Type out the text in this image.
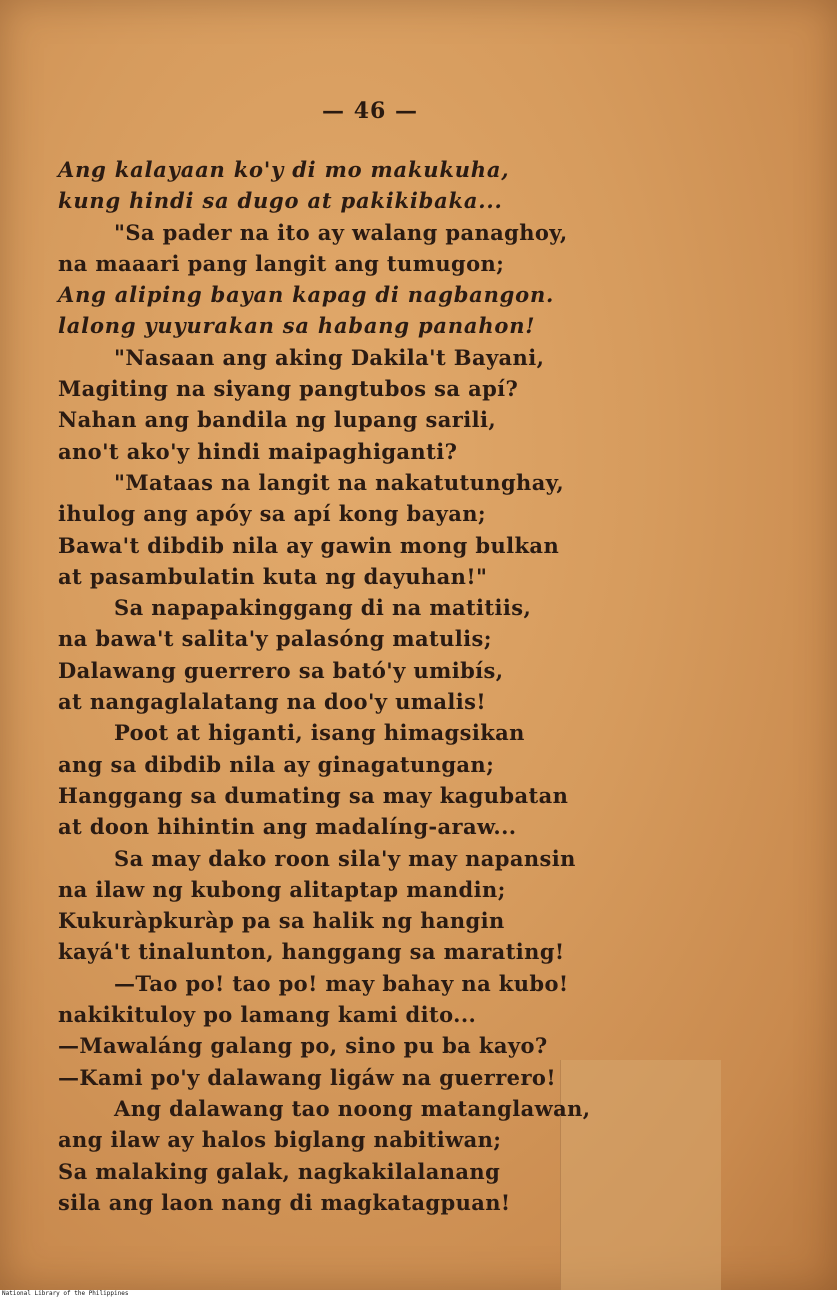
— 46 —
Ang kalayaan ko'y di mo makukuha,
kung hindi sa dugo at pakikibaka...
"Sa pader na ito ay walang panaghoy,
na maaari pang langit ang tumugon;
Ang aliping bayan kapag di nagbangon.
lalong yuyurakan sa habang panahon!
"Nasaan ang aking Dakila't Bayani,
Magiting na siyang pangtubos sa apí?
Nahan ang bandila ng lupang sarili,
ano't ako'y hindi maipaghiganti?
"Mataas na langit na nakatutunghay,
ihulog ang apóy sa apí kong bayan;
Bawa't dibdib nila ay gawin mong bulkan
at pasambulatin kuta ng dayuhan!"
Sa napapakinggang di na matitiis,
na bawa't salita'y palasóng matulis;
Dalawang guerrero sa bató'y umibís,
at nangaglalatang na doo'y umalis!
Poot at higanti, isang himagsikan
ang sa dibdib nila ay ginagatungan;
Hanggang sa dumating sa may kagubatan
at doon hihintin ang madalíng-araw...
Sa may dako roon sila'y may napansin
na ilaw ng kubong alitaptap mandin;
Kukuràpkuràp pa sa halik ng hangin
kayá't tinalunton, hanggang sa marating!
—Tao po! tao po! may bahay na kubo!
nakikituloy po lamang kami dito...
—Mawaláng galang po, sino pu ba kayo?
—Kami po'y dalawang ligáw na guerrero!
Ang dalawang tao noong matanglawan,
ang ilaw ay halos biglang nabitiwan;
Sa malaking galak, nagkakilalanang
sila ang laon nang di magkatagpuan!
National Library of the Philippines
